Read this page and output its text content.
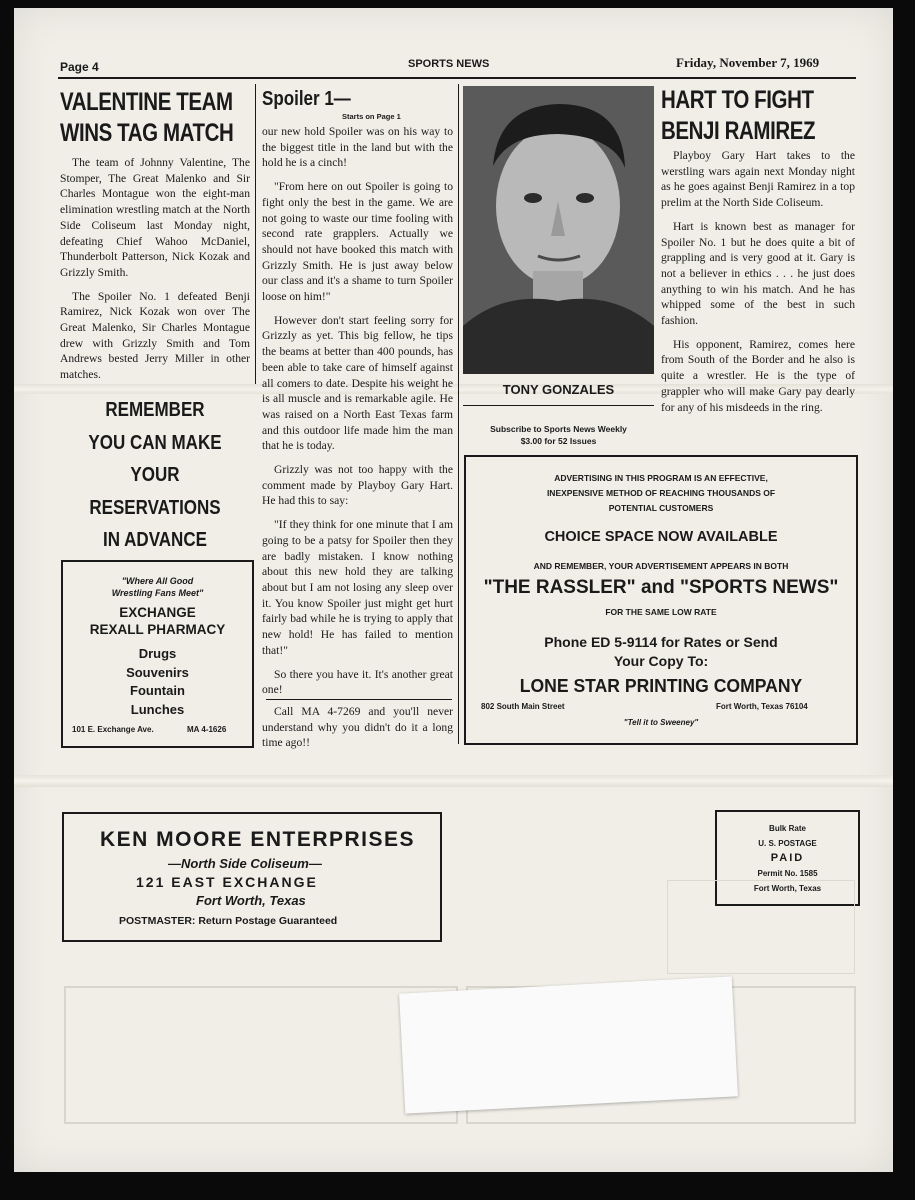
Page 4	SPORTS NEWS	Friday, November 7, 1969
VALENTINE TEAM
WINS TAG MATCH

The team of Johnny Valentine, The Stomper, The Great Malenko and Sir Charles Montague won the eight-man elimination wrestling match at the North Side Coliseum last Monday night, defeating Chief Wahoo McDaniel, Thunderbolt Patterson, Nick Kozak and Grizzly Smith.

The Spoiler No. 1 defeated Benji Ramirez, Nick Kozak won over The Great Malenko, Sir Charles Montague drew with Grizzly Smith and Tom Andrews bested Jerry Miller in other matches.

REMEMBER
YOU CAN MAKE
YOUR
RESERVATIONS
IN ADVANCE
"Where All Good
Wrestling Fans Meet"
EXCHANGE
REXALL PHARMACY
Drugs
Souvenirs
Fountain
Lunches
101 E. Exchange Ave.	MA 4-1626
Spoiler 1—
Starts on Page 1

our new hold Spoiler was on his way to the biggest title in the land but with the hold he is a cinch!

"From here on out Spoiler is going to fight only the best in the game. We are not going to waste our time fooling with second rate grapplers. Actually we should not have booked this match with Grizzly Smith. He is just away below our class and it's a shame to turn Spoiler loose on him!"

However don't start feeling sorry for Grizzly as yet. This big fellow, he tips the beams at better than 400 pounds, has been able to take care of himself against all comers to date. Despite his weight he is all muscle and is remarkable agile. He was raised on a North East Texas farm and this outdoor life made him the man that he is today.

Grizzly was not too happy with the comment made by Playboy Gary Hart. He had this to say:

"If they think for one minute that I am going to be a patsy for Spoiler then they are badly mistaken. I know nothing about this new hold they are talking about but I am not losing any sleep over it. You know Spoiler just might get hurt fairly bad while he is trying to apply that new hold! He has failed to mention that!"

So there you have it. It's another great one!

Call MA 4-7269 and you'll never understand why you didn't do it a long time ago!!

TONY GONZALES
Subscribe to Sports News Weekly
$3.00 for 52 Issues
HART TO FIGHT
BENJI RAMIREZ

Playboy Gary Hart takes to the werstling wars again next Monday night as he goes against Benji Ramirez in a top prelim at the North Side Coliseum.

Hart is known best as manager for Spoiler No. 1 but he does quite a bit of grappling and is very good at it. Gary is not a believer in ethics . . . he just does anything to win his match. And he has whipped some of the best in such fashion.

His opponent, Ramirez, comes here from South of the Border and he also is quite a wrestler. He is the type of grappler who will make Gary pay dearly for any of his misdeeds in the ring.

ADVERTISING IN THIS PROGRAM IS AN EFFECTIVE,
INEXPENSIVE METHOD OF REACHING THOUSANDS OF
POTENTIAL CUSTOMERS
CHOICE SPACE NOW AVAILABLE
AND REMEMBER, YOUR ADVERTISEMENT APPEARS IN BOTH
"THE RASSLER" and "SPORTS NEWS"
FOR THE SAME LOW RATE
Phone ED 5-9114 for Rates or Send
Your Copy To:
LONE STAR PRINTING COMPANY
802 South Main Street	Fort Worth, Texas 76104
"Tell it to Sweeney"
KEN MOORE ENTERPRISES
—North Side Coliseum—
121 EAST EXCHANGE
Fort Worth, Texas
POSTMASTER: Return Postage Guaranteed
Bulk Rate
U. S. POSTAGE
PAID
Permit No. 1585
Fort Worth, Texas
